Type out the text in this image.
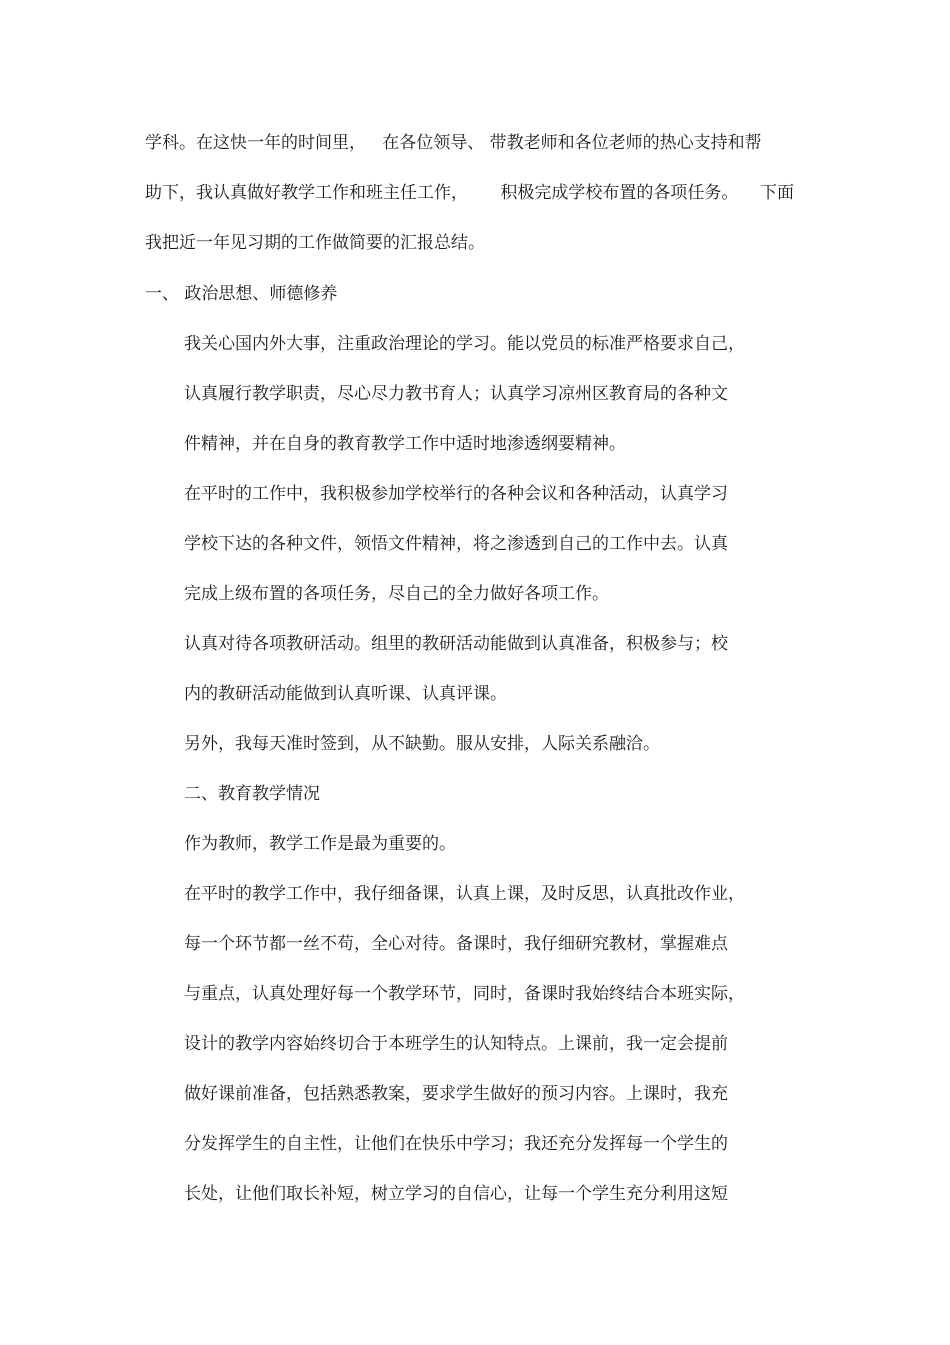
学科。在这快一年的时间里，   在各位领导、 带教老师和各位老师的热心支持和帮
助下，我认真做好教学工作和班主任工作，      积极完成学校布置的各项任务。    下面
我把近一年见习期的工作做简要的汇报总结。
一、 政治思想、师德修养
我关心国内外大事，注重政治理论的学习。能以党员的标准严格要求自己，
认真履行教学职责，尽心尽力教书育人；认真学习凉州区教育局的各种文
件精神，并在自身的教育教学工作中适时地渗透纲要精神。
在平时的工作中，我积极参加学校举行的各种会议和各种活动，认真学习
学校下达的各种文件，领悟文件精神，将之渗透到自己的工作中去。认真
完成上级布置的各项任务，尽自己的全力做好各项工作。
认真对待各项教研活动。组里的教研活动能做到认真准备，积极参与；校
内的教研活动能做到认真听课、认真评课。
另外，我每天准时签到，从不缺勤。服从安排，人际关系融洽。
二、教育教学情况
作为教师，教学工作是最为重要的。
在平时的教学工作中，我仔细备课，认真上课，及时反思，认真批改作业，
每一个环节都一丝不苟，全心对待。备课时，我仔细研究教材，掌握难点
与重点，认真处理好每一个教学环节，同时，备课时我始终结合本班实际，
设计的教学内容始终切合于本班学生的认知特点。上课前，我一定会提前
做好课前准备，包括熟悉教案，要求学生做好的预习内容。上课时，我充
分发挥学生的自主性，让他们在快乐中学习；我还充分发挥每一个学生的
长处，让他们取长补短，树立学习的自信心，让每一个学生充分利用这短
